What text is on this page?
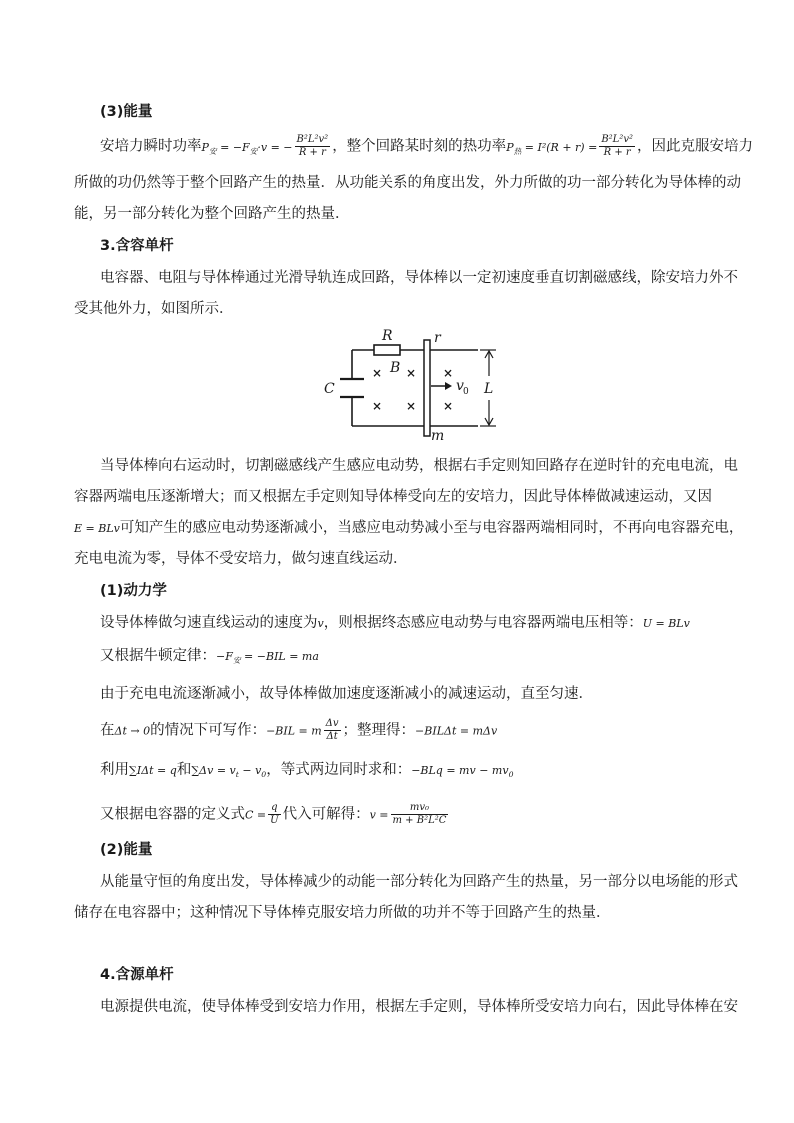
(3)能量
安培力瞬时功率$P_安 = -F_安\cdot v$ = − $\frac{\text{B²L²v²}}{R + r}$ ，整个回路某时刻的热功率$P_热 = I^2(R + r) = \frac{\text{B²L²v²}}{R + r}$ ，因此克服安培力
所做的功仍然等于整个回路产生的热量．从功能关系的角度出发，外力所做的功一部分转化为导体棒的动
能，另一部分转化为整个回路产生的热量．
3.含容单杆
电容器、电阻与导体棒通过光滑导轨连成回路，导体棒以一定初速度垂直切割磁感线，除安培力外不
受其他外力，如图所示．
× × ×
× × ×
R	r
B
C	v 0 L
m
当导体棒向右运动时，切割磁感线产生感应电动势，根据右手定则知回路存在逆时针的充电电流，电
容器两端电压逐渐增大；而又根据左手定则知导体棒受向左的安培力，因此导体棒做减速运动，又因
E = BLv可知产生的感应电动势逐渐减小，当感应电动势减小至与电容器两端相同时，不再向电容器充电，
充电电流为零，导体不受安培力，做匀速直线运动．
(1)动力学
设导体棒做匀速直线运动的速度为v，则根据终态感应电动势与电容器两端电压相等：U = BLv
又根据牛顿定律：$-F_安 = -BIL$ = ma
由于充电电流逐渐减小，故导体棒做加速度逐渐减小的减速运动，直至匀速．
在Δt → 0的情况下可写作：−BIL = m $\frac{\Delta v}{\Delta t}$ ；整理得：−BILΔt = mΔv
利用∑IΔt = q和$\sum\Delta v = v_t - v_0$，等式两边同时求和：−BLq = mv − $mv_0$
又根据电容器的定义式$C = \frac{q}{U}$ 代入可解得：$v = \frac{\text{mv₀}}{\text{m + B²L²C}}$
(2)能量
从能量守恒的角度出发，导体棒减少的动能一部分转化为回路产生的热量，另一部分以电场能的形式
储存在电容器中；这种情况下导体棒克服安培力所做的功并不等于回路产生的热量．
4.含源单杆
电源提供电流，使导体棒受到安培力作用，根据左手定则，导体棒所受安培力向右，因此导体棒在安
